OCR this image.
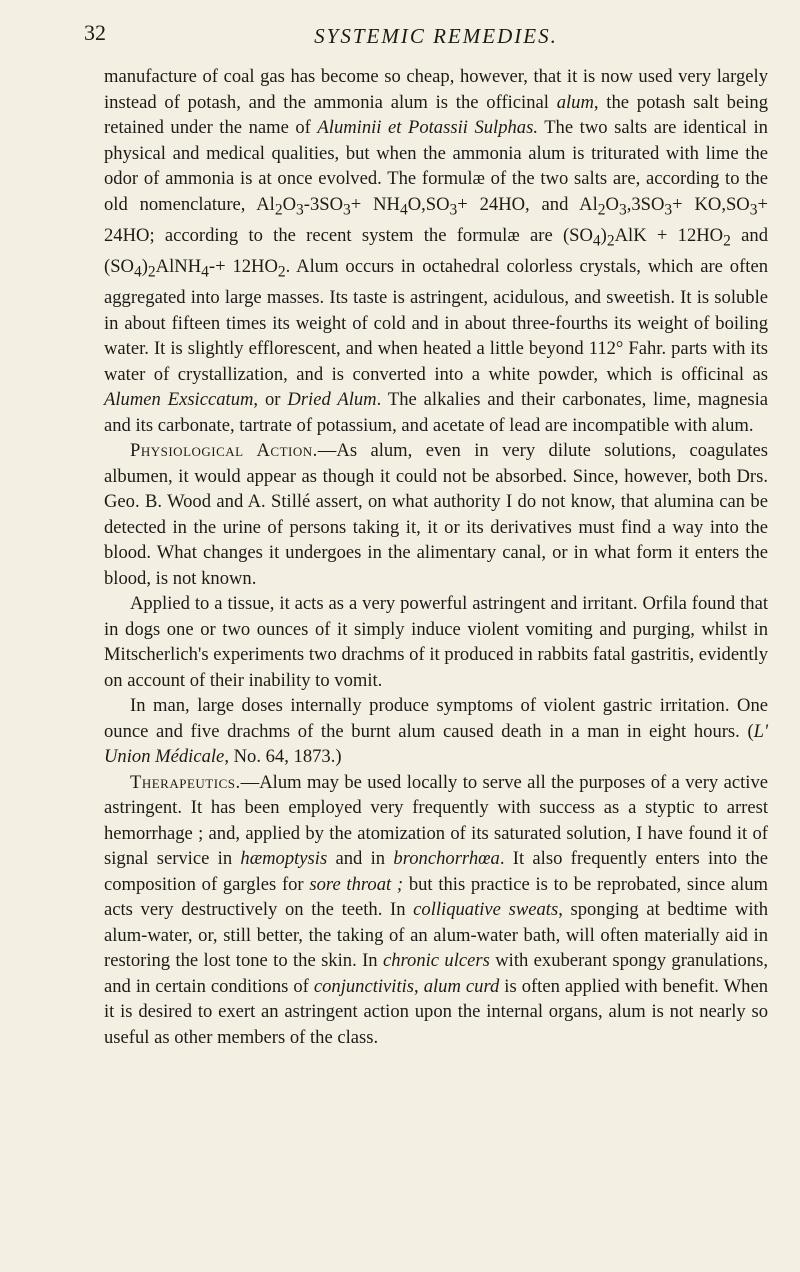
32	SYSTEMIC REMEDIES.

manufacture of coal gas has become so cheap, however, that it is now used very largely instead of potash, and the ammonia alum is the officinal alum, the potash salt being retained under the name of Aluminii et Potassii Sulphas. The two salts are identical in physical and medical qualities, but when the ammonia alum is triturated with lime the odor of ammonia is at once evolved. The formulæ of the two salts are, according to the old nomenclature, $Al_2O_3-3SO_3+ NH_4O,SO_3+ 24HO$, and $Al_2O_3,3SO_3+ KO,SO_3+ 24HO$; according to the recent system the formulæ are $(SO_4)_2AlK + 12HO_2$ and $(SO_4)_2AlNH_4-+ 12HO_2$. Alum occurs in octahedral colorless crystals, which are often aggregated into large masses. Its taste is astringent, acidulous, and sweetish. It is soluble in about fifteen times its weight of cold and in about three-fourths its weight of boiling water. It is slightly efflorescent, and when heated a little beyond 112° Fahr. parts with its water of crystallization, and is converted into a white powder, which is officinal as Alumen Exsiccatum, or Dried Alum. The alkalies and their carbonates, lime, magnesia and its carbonate, tartrate of potassium, and acetate of lead are incompatible with alum.

Physiological Action.—As alum, even in very dilute solutions, coagulates albumen, it would appear as though it could not be absorbed. Since, however, both Drs. Geo. B. Wood and A. Stillé assert, on what authority I do not know, that alumina can be detected in the urine of persons taking it, it or its derivatives must find a way into the blood. What changes it undergoes in the alimentary canal, or in what form it enters the blood, is not known.

Applied to a tissue, it acts as a very powerful astringent and irritant. Orfila found that in dogs one or two ounces of it simply induce violent vomiting and purging, whilst in Mitscherlich's experiments two drachms of it produced in rabbits fatal gastritis, evidently on account of their inability to vomit.

In man, large doses internally produce symptoms of violent gastric irritation. One ounce and five drachms of the burnt alum caused death in a man in eight hours. (L' Union Médicale, No. 64, 1873.)

Therapeutics.—Alum may be used locally to serve all the purposes of a very active astringent. It has been employed very frequently with success as a styptic to arrest hemorrhage ; and, applied by the atomization of its saturated solution, I have found it of signal service in hæmoptysis and in bronchorrhœa. It also frequently enters into the composition of gargles for sore throat ; but this practice is to be reprobated, since alum acts very destructively on the teeth. In colliquative sweats, sponging at bedtime with alum-water, or, still better, the taking of an alum-water bath, will often materially aid in restoring the lost tone to the skin. In chronic ulcers with exuberant spongy granulations, and in certain conditions of conjunctivitis, alum curd is often applied with benefit. When it is desired to exert an astringent action upon the internal organs, alum is not nearly so useful as other members of the class.
